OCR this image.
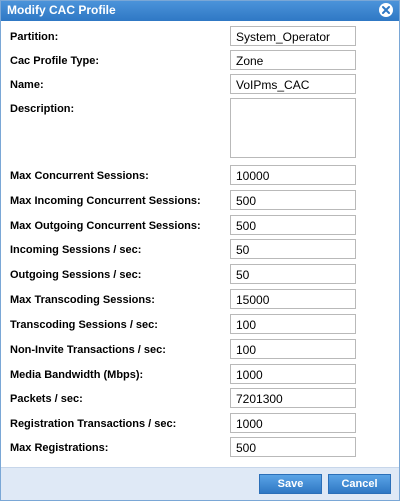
Modify CAC Profile
Partition:	System_Operator
Cac Profile Type:	Zone
Name:	VoIPms_CAC
Description:
Max Concurrent Sessions:	10000
Max Incoming Concurrent Sessions:	500
Max Outgoing Concurrent Sessions:	500
Incoming Sessions / sec:	50
Outgoing Sessions / sec:	50
Max Transcoding Sessions:	15000
Transcoding Sessions / sec:	100
Non-Invite Transactions / sec:	100
Media Bandwidth (Mbps):	1000
Packets / sec:	7201300
Registration Transactions / sec:	1000
Max Registrations:	500
Save	Cancel
